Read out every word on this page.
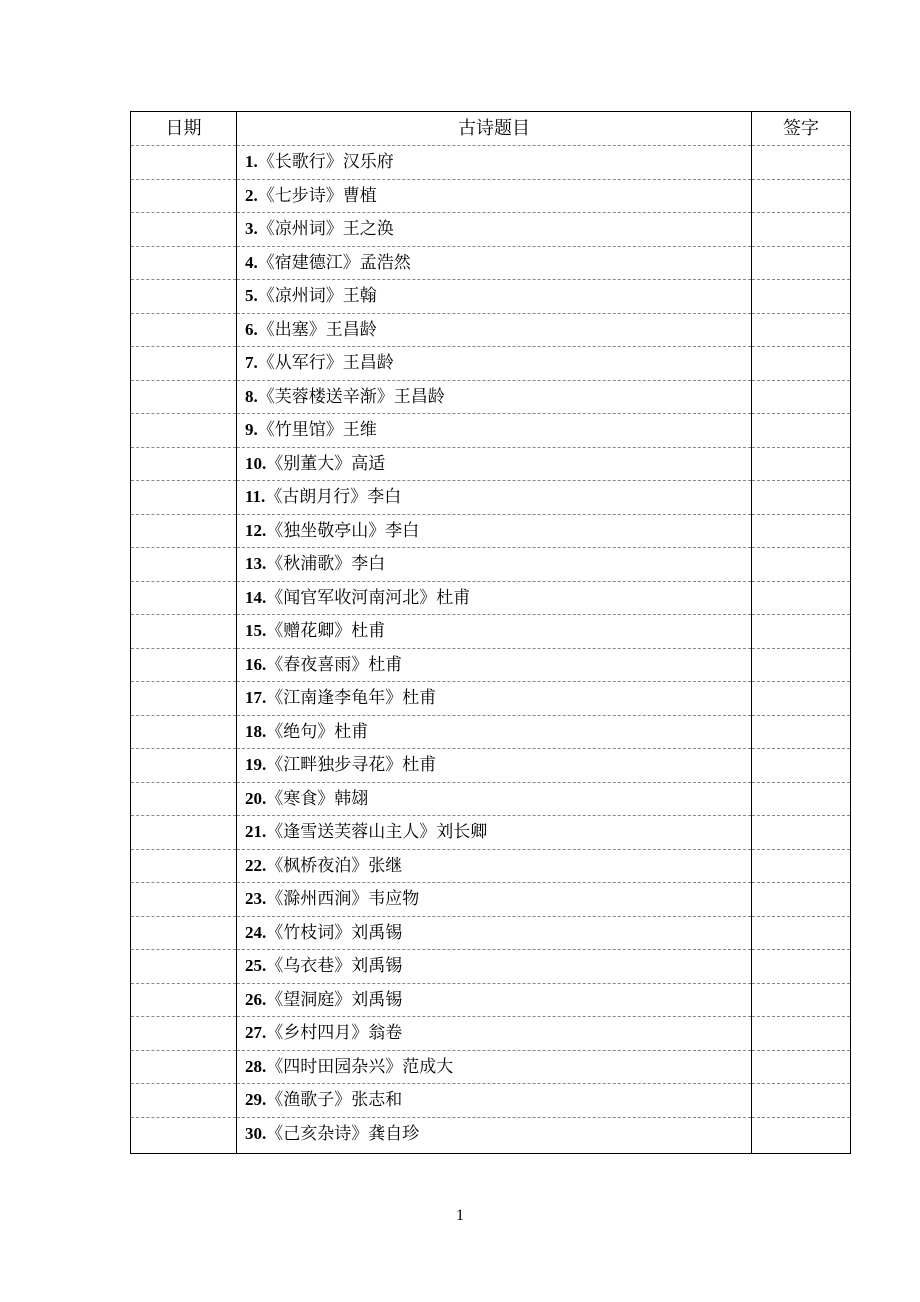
日期	古诗题目	签字
	1.《长歌行》汉乐府	
	2.《七步诗》曹植	
	3.《凉州词》王之涣	
	4.《宿建德江》孟浩然	
	5.《凉州词》王翰	
	6.《出塞》王昌龄	
	7.《从军行》王昌龄	
	8.《芙蓉楼送辛渐》王昌龄	
	9.《竹里馆》王维	
	10.《别董大》高适	
	11.《古朗月行》李白	
	12.《独坐敬亭山》李白	
	13.《秋浦歌》李白	
	14.《闻官军收河南河北》杜甫	
	15.《赠花卿》杜甫	
	16.《春夜喜雨》杜甫	
	17.《江南逢李龟年》杜甫	
	18.《绝句》杜甫	
	19.《江畔独步寻花》杜甫	
	20.《寒食》韩翃	
	21.《逢雪送芙蓉山主人》刘长卿	
	22.《枫桥夜泊》张继	
	23.《滁州西涧》韦应物	
	24.《竹枝词》刘禹锡	
	25.《乌衣巷》刘禹锡	
	26.《望洞庭》刘禹锡	
	27.《乡村四月》翁卷	
	28.《四时田园杂兴》范成大	
	29.《渔歌子》张志和	
	30.《己亥杂诗》龚自珍	
1
